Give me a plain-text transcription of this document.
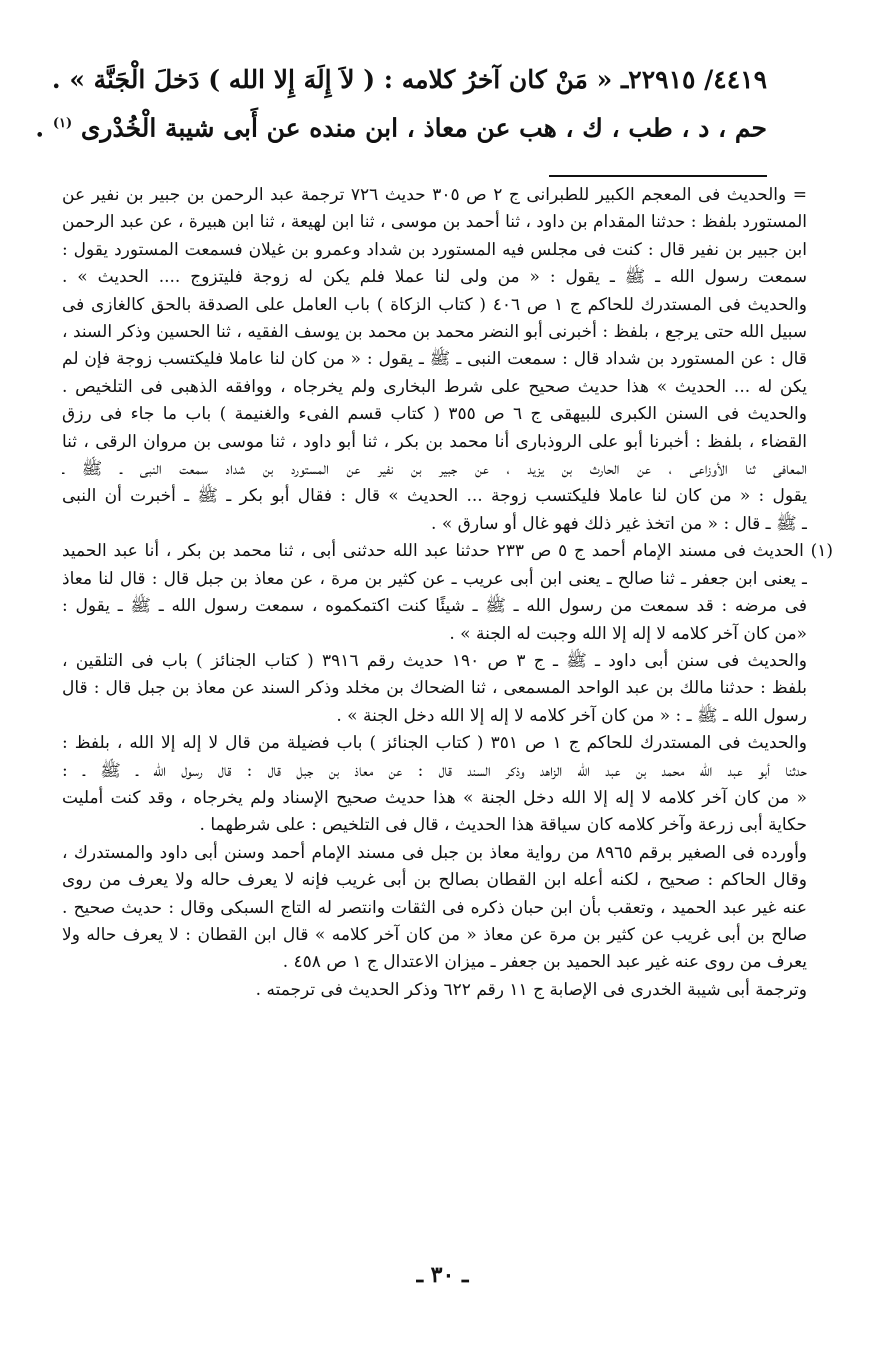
٤٤١٩/ ٢٢٩١٥ـ « مَنْ كان آخرُ كلامه : ( لاَ إِلَهَ إِلا الله ) دَخلَ الْجَنَّة » .
حم ، د ، طب ، ك ، هب عن معاذ ، ابن منده عن أَبى شيبة الْخُدْرى $^{(١)}$ .
= والحديث فى المعجم الكبير للطبرانى ج ٢ ص ٣٠٥ حديث ٧٢٦ ترجمة عبد الرحمن بن جبير بن نفير عن
المستورد بلفظ : حدثنا المقدام بن داود ، ثنا أحمد بن موسى ، ثنا ابن لهيعة ، ثنا ابن هبيرة ، عن عبد الرحمن
ابن جبير بن نفير قال : كنت فى مجلس فيه المستورد بن شداد وعمرو بن غيلان فسمعت المستورد يقول :
سمعت رسول الله ـ ﷺ ـ يقول : « من ولى لنا عملا فلم يكن له زوجة فليتزوج .... الحديث » .
والحديث فى المستدرك للحاكم ج ١ ص ٤٠٦ ( كتاب الزكاة ) باب العامل على الصدقة بالحق كالغازى فى
سبيل الله حتى يرجع ، بلفظ : أخبرنى أبو النضر محمد بن محمد بن يوسف الفقيه ، ثنا الحسين وذكر السند ،
قال : عن المستورد بن شداد قال : سمعت النبى ـ ﷺ ـ يقول : « من كان لنا عاملا فليكتسب زوجة فإن لم
يكن له ... الحديث » هذا حديث صحيح على شرط البخارى ولم يخرجاه ، ووافقه الذهبى فى التلخيص .
والحديث فى السنن الكبرى للبيهقى ج ٦ ص ٣٥٥ ( كتاب قسم الفىء والغنيمة ) باب ما جاء فى رزق
القضاء ، بلفظ : أخبرنا أبو على الروذبارى أنا محمد بن بكر ، ثنا أبو داود ، ثنا موسى بن مروان الرقى ، ثنا
المعافى ثنا الأوزاعى ، عن الحارث بن يزيد ، عن جبير بن نفير عن المستورد بن شداد سمعت النبى ـ ﷺ ـ
يقول : « من كان لنا عاملا فليكتسب زوجة ... الحديث » قال : فقال أبو بكر ـ ﷺ ـ أخبرت أن النبى
ـ ﷺ ـ قال : « من اتخذ غير ذلك فهو غال أو سارق » .
(١) الحديث فى مسند الإمام أحمد ج ٥ ص ٢٣٣ حدثنا عبد الله حدثنى أبى ، ثنا محمد بن بكر ، أنا عبد الحميد
ـ يعنى ابن جعفر ـ ثنا صالح ـ يعنى ابن أبى عريب ـ عن كثير بن مرة ، عن معاذ بن جبل قال : قال لنا معاذ
فى مرضه : قد سمعت من رسول الله ـ ﷺ ـ شيئًا كنت اكتمكموه ، سمعت رسول الله ـ ﷺ ـ يقول :
«من كان آخر كلامه لا إله إلا الله وجبت له الجنة » .
والحديث فى سنن أبى داود ـ ﷺ ـ ج ٣ ص ١٩٠ حديث رقم ٣٩١٦ ( كتاب الجنائز ) باب فى التلقين ،
بلفظ : حدثنا مالك بن عبد الواحد المسمعى ، ثنا الضحاك بن مخلد وذكر السند عن معاذ بن جبل قال : قال
رسول الله ـ ﷺ ـ : « من كان آخر كلامه لا إله إلا الله دخل الجنة » .
والحديث فى المستدرك للحاكم ج ١ ص ٣٥١ ( كتاب الجنائز ) باب فضيلة من قال لا إله إلا الله ، بلفظ :
حدثنا أبو عبد الله محمد بن عبد الله الزاهد وذكر السند قال : عن معاذ بن جبل قال : قال رسول الله ـ ﷺ ـ :
« من كان آخر كلامه لا إله إلا الله دخل الجنة » هذا حديث صحيح الإسناد ولم يخرجاه ، وقد كنت أمليت
حكاية أبى زرعة وآخر كلامه كان سياقة هذا الحديث ، قال فى التلخيص : على شرطهما .
وأورده فى الصغير برقم ٨٩٦٥ من رواية معاذ بن جبل فى مسند الإمام أحمد وسنن أبى داود والمستدرك ،
وقال الحاكم : صحيح ، لكنه أعله ابن القطان بصالح بن أبى غريب فإنه لا يعرف حاله ولا يعرف من روى
عنه غير عبد الحميد ، وتعقب بأن ابن حبان ذكره فى الثقات وانتصر له التاج السبكى وقال : حديث صحيح .
صالح بن أبى غريب عن كثير بن مرة عن معاذ « من كان آخر كلامه » قال ابن القطان : لا يعرف حاله ولا
يعرف من روى عنه غير عبد الحميد بن جعفر ـ ميزان الاعتدال ج ١ ص ٤٥٨ .
وترجمة أبى شيبة الخدرى فى الإصابة ج ١١ رقم ٦٢٢ وذكر الحديث فى ترجمته .
ـ ٣٠ ـ
